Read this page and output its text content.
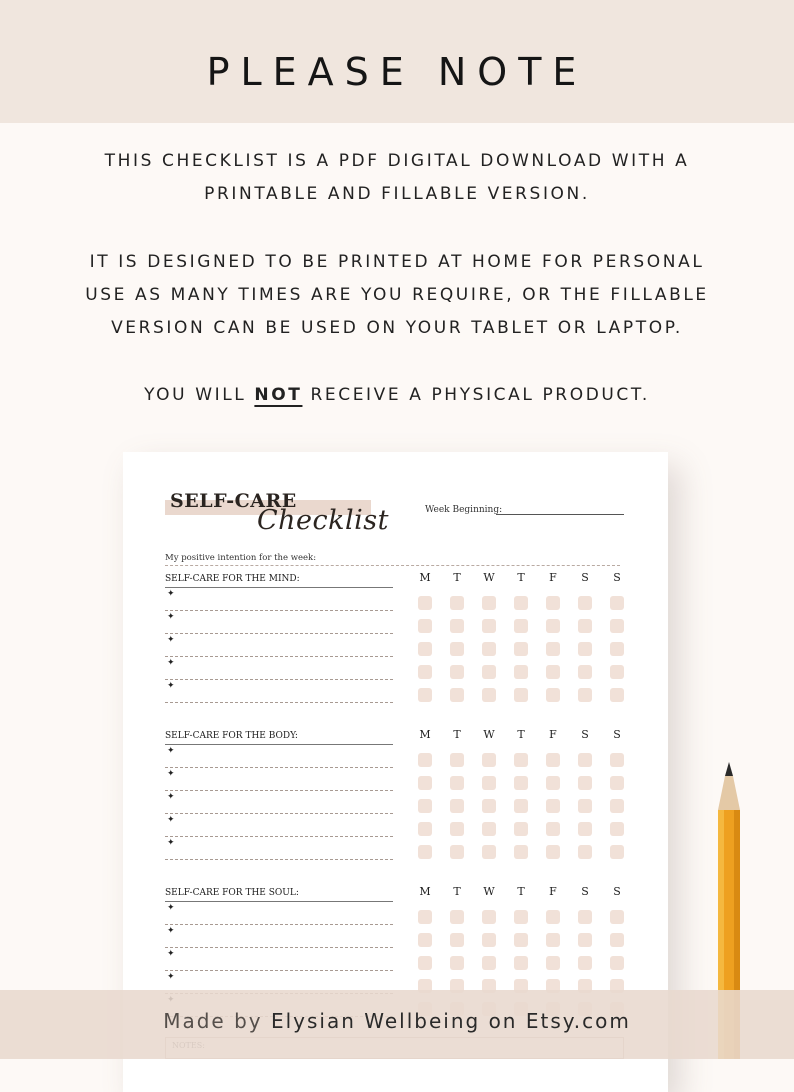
PLEASE NOTE

THIS CHECKLIST IS A PDF DIGITAL DOWNLOAD WITH A
PRINTABLE AND FILLABLE VERSION.

IT IS DESIGNED TO BE PRINTED AT HOME FOR PERSONAL
USE AS MANY TIMES ARE YOU REQUIRE, OR THE FILLABLE
VERSION CAN BE USED ON YOUR TABLET OR LAPTOP.

YOU WILL NOT RECEIVE A PHYSICAL PRODUCT.

SELF-CARE
Checklist	Week Beginning:
My positive intention for the week:
SELF-CARE FOR THE MIND:	M	T	W	T	F	S	S
✦
✦
✦
✦
✦
SELF-CARE FOR THE BODY:	M	T	W	T	F	S	S
✦
✦
✦
✦
✦
SELF-CARE FOR THE SOUL:	M	T	W	T	F	S	S
✦
✦
✦
✦

Made by Elysian Wellbeing on Etsy.com
